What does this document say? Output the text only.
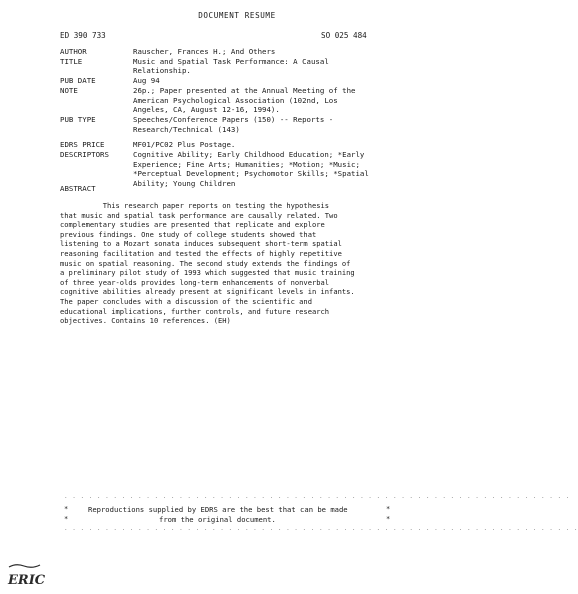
DOCUMENT RESUME
ED 390 733	SO 025 484
AUTHOR	Rauscher, Frances H.; And Others
TITLE	Music and Spatial Task Performance: A Causal
Relationship.
PUB DATE	Aug 94
NOTE	26p.; Paper presented at the Annual Meeting of the
American Psychological Association (102nd, Los
Angeles, CA, August 12-16, 1994).
PUB TYPE	Speeches/Conference Papers (150) -- Reports -
Research/Technical (143)
EDRS PRICE	MF01/PC02 Plus Postage.
DESCRIPTORS	Cognitive Ability; Early Childhood Education; *Early
Experience; Fine Arts; Humanities; *Motion; *Music;
*Perceptual Development; Psychomotor Skills; *Spatial
Ability; Young Children
ABSTRACT
This research paper reports on testing the hypothesis
that music and spatial task performance are causally related. Two
complementary studies are presented that replicate and explore
previous findings. One study of college students showed that
listening to a Mozart sonata induces subsequent short-term spatial
reasoning facilitation and tested the effects of highly repetitive
music on spatial reasoning. The second study extends the findings of
a preliminary pilot study of 1993 which suggested that music training
of three year-olds provides long-term enhancements of nonverbal
cognitive abilities already present at significant levels in infants.
The paper concludes with a discussion of the scientific and
educational implications, further controls, and future research
objectives. Contains 10 references. (EH)
. . . . . . . . . . . . . . . . . . . . . . . . . . . . . . . . . . . . . . . . . . . . . . . . . . . . . . . . . . . . . .
*	*
Reproductions supplied by EDRS are the best that can be made
*	*
from the original document.
. . . . . . . . . . . . . . . . . . . . . . . . . . . . . . . . . . . . . . . . . . . . . . . . . . . . . . . . . . . . . . .
ERIC
